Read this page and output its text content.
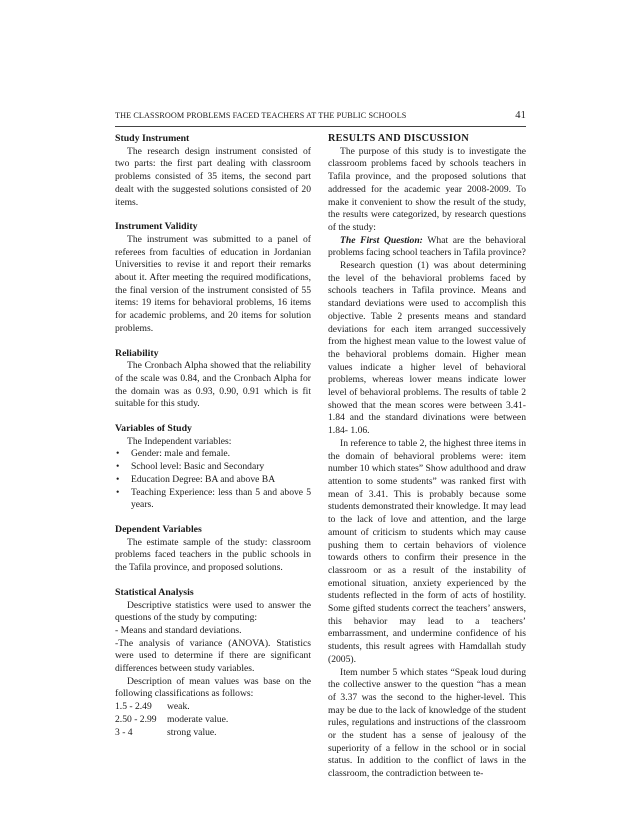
THE CLASSROOM PROBLEMS FACED TEACHERS AT THE PUBLIC SCHOOLS	41

Study Instrument

The research design instrument consisted of two parts: the first part dealing with classroom problems consisted of 35 items, the second part dealt with the suggested solutions consisted of 20 items.

Instrument Validity

The instrument was submitted to a panel of referees from faculties of education in Jordanian Universities to revise it and report their remarks about it. After meeting the required modifications, the final version of the instrument consisted of 55 items: 19 items for behavioral problems, 16 items for academic problems, and 20 items for solution problems.

Reliability

The Cronbach Alpha showed that the reliability of the scale was 0.84, and the Cronbach Alpha for the domain was as 0.93, 0.90, 0.91 which is fit suitable for this study.

Variables of Study

The Independent variables:

• Gender: male and female.

• School level: Basic and Secondary

• Education Degree: BA and above BA

• Teaching Experience: less than 5 and above 5 years.

Dependent Variables

The estimate sample of the study: classroom problems faced teachers in the public schools in the Tafila province, and proposed solutions.

Statistical Analysis

Descriptive statistics were used to answer the questions of the study by computing:

- Means and standard deviations.

-The analysis of variance (ANOVA). Statistics were used to determine if there are significant differences between study variables.

Description of mean values was base on the following classifications as follows:

1.5 - 2.49	weak.
2.50 - 2.99	moderate value.
3 - 4	strong value.

RESULTS AND DISCUSSION

The purpose of this study is to investigate the classroom problems faced by schools teachers in Tafila province, and the proposed solutions that addressed for the academic year 2008-2009. To make it convenient to show the result of the study, the results were categorized, by research questions of the study:

The First Question: What are the behavioral problems facing school teachers in Tafila province?

Research question (1) was about determining the level of the behavioral problems faced by schools teachers in Tafila province. Means and standard deviations were used to accomplish this objective. Table 2 presents means and standard deviations for each item arranged successively from the highest mean value to the lowest value of the behavioral problems domain. Higher mean values indicate a higher level of behavioral problems, whereas lower means indicate lower level of behavioral problems. The results of table 2 showed that the mean scores were between 3.41-1.84 and the standard divinations were between 1.84- 1.06.

In reference to table 2, the highest three items in the domain of behavioral problems were: item number 10 which states” Show adulthood and draw attention to some students” was ranked first with mean of 3.41. This is probably because some students demonstrated their knowledge. It may lead to the lack of love and attention, and the large amount of criticism to students which may cause pushing them to certain behaviors of violence towards others to confirm their presence in the classroom or as a result of the instability of emotional situation, anxiety experienced by the students reflected in the form of acts of hostility. Some gifted students correct the teachers’ answers, this behavior may lead to a teachers’ embarrassment, and undermine confidence of his students, this result agrees with Hamdallah study (2005).

Item number 5 which states “Speak loud during the collective answer to the question “has a mean of 3.37 was the second to the higher-level. This may be due to the lack of knowledge of the student rules, regulations and instructions of the classroom or the student has a sense of jealousy of the superiority of a fellow in the school or in social status. In addition to the conflict of laws in the classroom, the contradiction between te-
